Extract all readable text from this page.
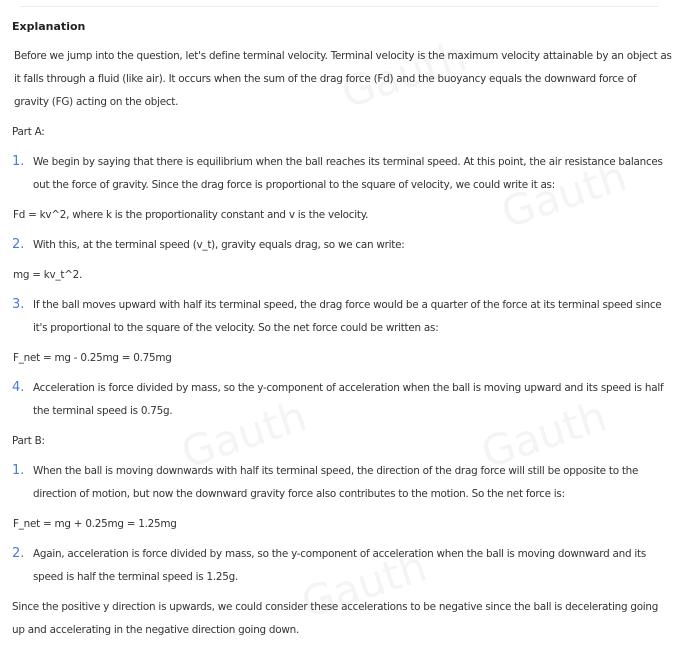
Gauth
Gauth
Gauth	Gauth
Gauth
Explanation

Before we jump into the question, let's define terminal velocity. Terminal velocity is the maximum velocity attainable by an object as it falls through a fluid (like air). It occurs when the sum of the drag force (Fd) and the buoyancy equals the downward force of gravity (FG) acting on the object.

Part A:

1. We begin by saying that there is equilibrium when the ball reaches its terminal speed. At this point, the air resistance balances out the force of gravity. Since the drag force is proportional to the square of velocity, we could write it as:
Fd = kv^2, where k is the proportionality constant and v is the velocity.
2. With this, at the terminal speed (v_t), gravity equals drag, so we can write:
mg = kv_t^2.
3. If the ball moves upward with half its terminal speed, the drag force would be a quarter of the force at its terminal speed since it's proportional to the square of the velocity. So the net force could be written as:
F_net = mg - 0.25mg = 0.75mg
4. Acceleration is force divided by mass, so the y-component of acceleration when the ball is moving upward and its speed is half the terminal speed is 0.75g.

Part B:

1. When the ball is moving downwards with half its terminal speed, the direction of the drag force will still be opposite to the direction of motion, but now the downward gravity force also contributes to the motion. So the net force is:
F_net = mg + 0.25mg = 1.25mg
2. Again, acceleration is force divided by mass, so the y-component of acceleration when the ball is moving downward and its speed is half the terminal speed is 1.25g.

Since the positive y direction is upwards, we could consider these accelerations to be negative since the ball is decelerating going up and accelerating in the negative direction going down.
